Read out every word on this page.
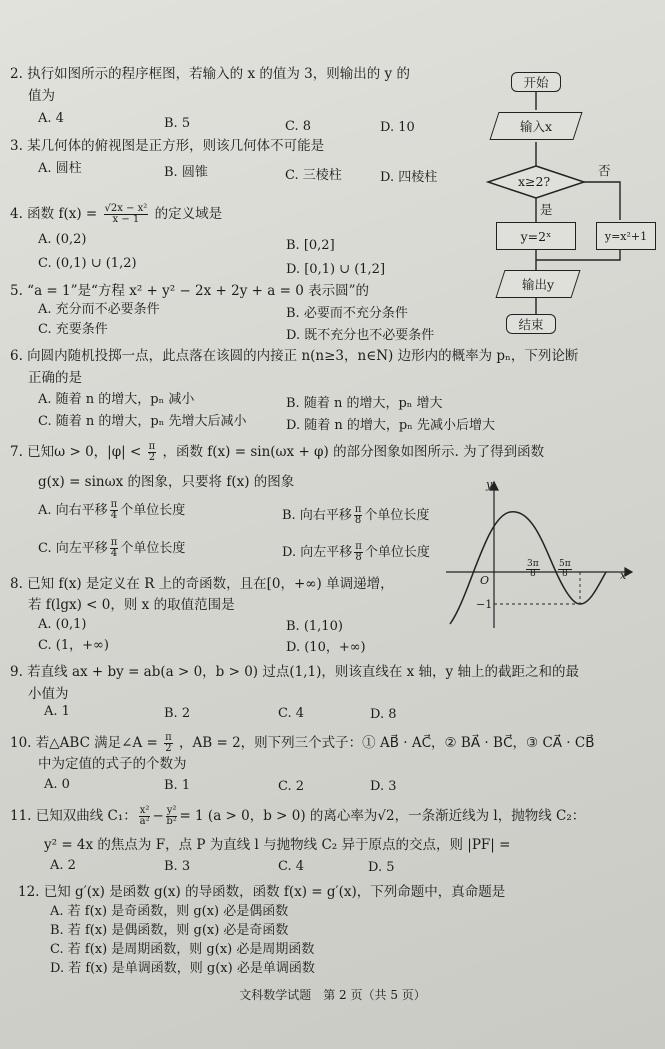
2. 执行如图所示的程序框图，若输入的 x 的值为 3，则输出的 y 的
值为
A. 4	B. 5	C. 8	D. 10
3. 某几何体的俯视图是正方形，则该几何体不可能是
A. 圆柱	B. 圆锥	C. 三棱柱	D. 四棱柱
4. 函数 $f(x) = \frac{\text{√2x − x²}}{x - 1}$ 的定义域是
A. (0,2)	B. [0,2]
C. (0,1) ∪ (1,2)	D. [0,1) ∪ (1,2]
5. “a = 1”是“方程 x² + y² − 2x + 2y + a = 0 表示圆”的
A. 充分而不必要条件	B. 必要而不充分条件
C. 充要条件	D. 既不充分也不必要条件
6. 向圆内随机投掷一点，此点落在该圆的内接正 n(n≥3，n∈N) 边形内的概率为 pₙ，下列论断
正确的是
A. 随着 n 的增大，pₙ 减小	B. 随着 n 的增大，pₙ 增大
C. 随着 n 的增大，pₙ 先增大后减小	D. 随着 n 的增大，pₙ 先减小后增大
7. 已知ω > 0，$|\varphi| < \frac{\pi}{2}$ ，函数 f(x) = sin(ωx + φ) 的部分图象如图所示. 为了得到函数
g(x) = sinωx 的图象，只要将 f(x) 的图象
A. 向右平移 $\frac{\pi}{4}$ 个单位长度	B. 向右平移 $\frac{\pi}{8}$ 个单位长度
C. 向左平移 $\frac{\pi}{4}$ 个单位长度	D. 向左平移 $\frac{\pi}{8}$ 个单位长度
8. 已知 f(x) 是定义在 R 上的奇函数，且在[0，+∞) 单调递增，
若 f(lgx) < 0，则 x 的取值范围是
A. (0,1)	B. (1,10)
C. (1，+∞)	D. (10，+∞)
9. 若直线 ax + by = ab(a > 0，b > 0) 过点(1,1)，则该直线在 x 轴，y 轴上的截距之和的最
小值为
A. 1	B. 2	C. 4	D. 8
10. 若△ABC 满足∠A = $\frac{\pi}{2}$ ，AB = 2，则下列三个式子：① AB⃗ · AC⃗，② BA⃗ · BC⃗，③ CA⃗ · CB⃗
中为定值的式子的个数为
A. 0	B. 1	C. 2	D. 3
11. 已知双曲线 C₁： $\frac{\text{x²}}{\text{a²}} - \frac{\text{y²}}{\text{b²}} = 1$ (a > 0，b > 0) 的离心率为√2，一条渐近线为 l，抛物线 C₂：
y² = 4x 的焦点为 F，点 P 为直线 l 与抛物线 C₂ 异于原点的交点，则 |PF| =
A. 2	B. 3	C. 4	D. 5
12. 已知 g′(x) 是函数 g(x) 的导函数，函数 f(x) = g′(x)，下列命题中，真命题是
A. 若 f(x) 是奇函数，则 g(x) 必是偶函数
B. 若 f(x) 是偶函数，则 g(x) 必是奇函数
C. 若 f(x) 是周期函数，则 g(x) 必是周期函数
D. 若 f(x) 是单调函数，则 g(x) 必是单调函数
文科数学试题　第 2 页（共 5 页）
开始
输入x
x≥2?
否
是
y=2ˣ	y=x²+1
输出y
结束
y
x
O
$\frac{3\pi}{8} \frac{5\pi}{8}$
−1
